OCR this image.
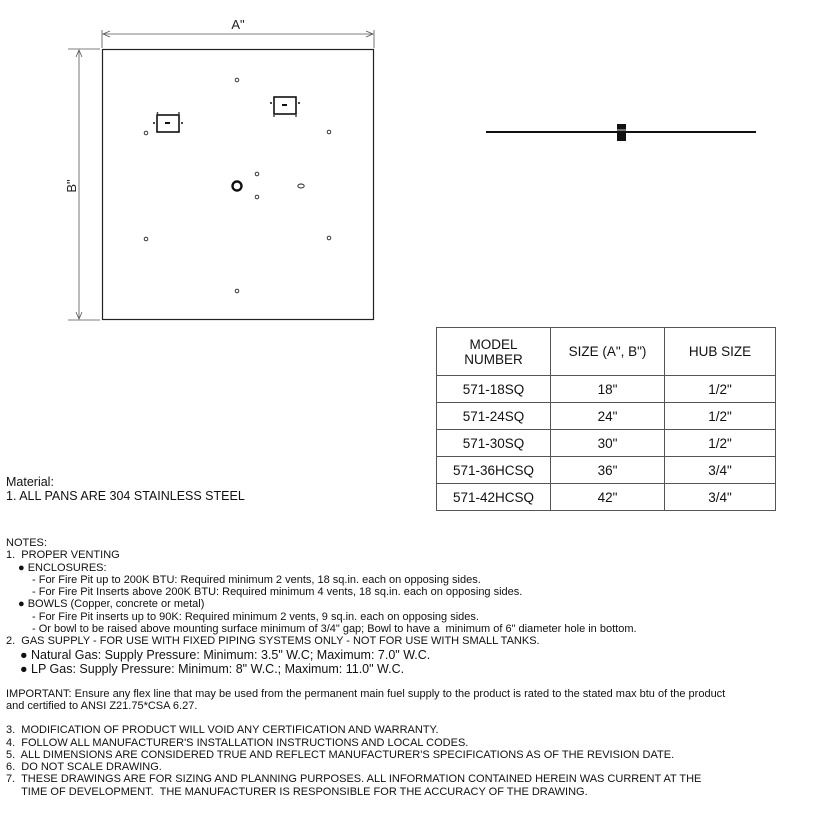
A"
B"
MODEL
NUMBER	SIZE (A", B")	HUB SIZE
571-18SQ	18"	1/2"
571-24SQ	24"	1/2"
571-30SQ	30"	1/2"
571-36HCSQ	36"	3/4"
571-42HCSQ	42"	3/4"
Material:
1. ALL PANS ARE 304 STAINLESS STEEL
NOTES:
1.  PROPER VENTING
● ENCLOSURES:
- For Fire Pit up to 200K BTU: Required minimum 2 vents, 18 sq.in. each on opposing sides.
- For Fire Pit Inserts above 200K BTU: Required minimum 4 vents, 18 sq.in. each on opposing sides.
● BOWLS (Copper, concrete or metal)
- For Fire Pit inserts up to 90K: Required minimum 2 vents, 9 sq.in. each on opposing sides.
- Or bowl to be raised above mounting surface minimum of 3/4" gap; Bowl to have a  minimum of 6" diameter hole in bottom.
2.  GAS SUPPLY - FOR USE WITH FIXED PIPING SYSTEMS ONLY - NOT FOR USE WITH SMALL TANKS.
● Natural Gas: Supply Pressure: Minimum: 3.5" W.C; Maximum: 7.0" W.C.
● LP Gas: Supply Pressure: Minimum: 8" W.C.; Maximum: 11.0" W.C.
IMPORTANT: Ensure any flex line that may be used from the permanent main fuel supply to the product is rated to the stated max btu of the product
and certified to ANSI Z21.75*CSA 6.27.
3.  MODIFICATION OF PRODUCT WILL VOID ANY CERTIFICATION AND WARRANTY.
4.  FOLLOW ALL MANUFACTURER'S INSTALLATION INSTRUCTIONS AND LOCAL CODES.
5.  ALL DIMENSIONS ARE CONSIDERED TRUE AND REFLECT MANUFACTURER'S SPECIFICATIONS AS OF THE REVISION DATE.
6.  DO NOT SCALE DRAWING.
7.  THESE DRAWINGS ARE FOR SIZING AND PLANNING PURPOSES. ALL INFORMATION CONTAINED HEREIN WAS CURRENT AT THE
TIME OF DEVELOPMENT.  THE MANUFACTURER IS RESPONSIBLE FOR THE ACCURACY OF THE DRAWING.
